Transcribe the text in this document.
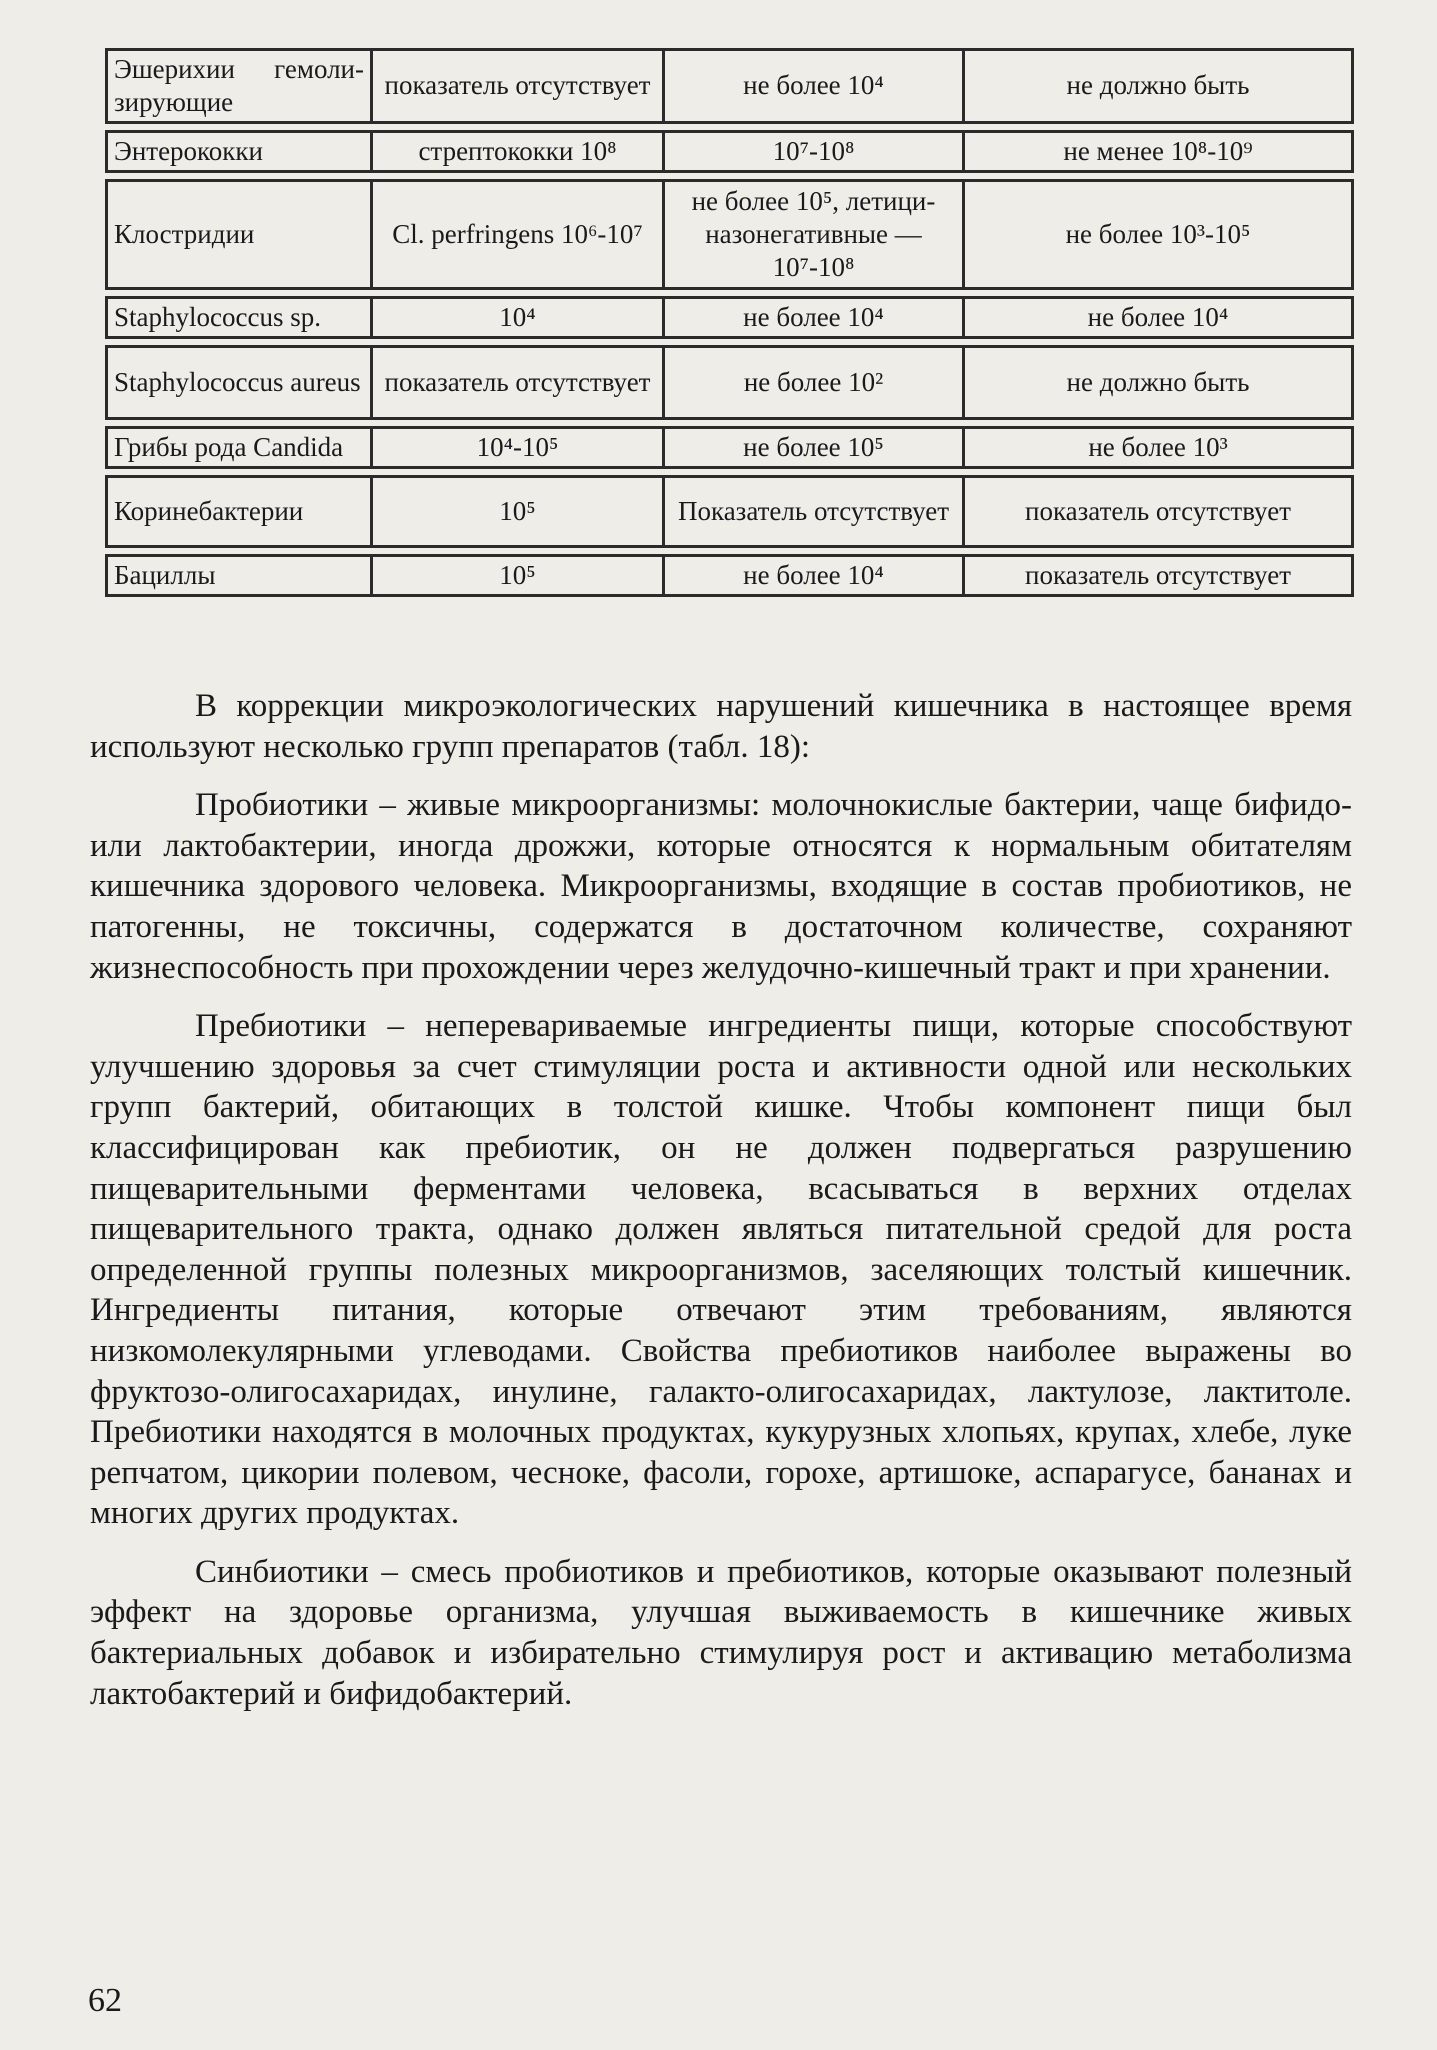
Эшерихии гемоли-зирующие	показатель отсутствует	не более 10⁴	не должно быть

Энтерококки	стрептококки 10⁸	10⁷-10⁸	не менее 10⁸-10⁹

Клостридии	Cl. perfringens 10⁶-10⁷	не более 10⁵, летици-назонегативные — 10⁷-10⁸	не более 10³-10⁵

Staphylococcus sp.	10⁴	не более 10⁴	не более 10⁴

Staphylococcus aureus	показатель отсутствует	не более 10²	не должно быть

Грибы рода Candida	10⁴-10⁵	не более 10⁵	не более 10³

Коринебактерии	10⁵	Показатель отсутствует	показатель отсутствует

Бациллы	10⁵	не более 10⁴	показатель отсутствует

В коррекции микроэкологических нарушений кишечника в настоящее время используют несколько групп препаратов (табл. 18):

Пробиотики – живые микроорганизмы: молочнокислые бактерии, чаще бифидо- или лактобактерии, иногда дрожжи, которые относятся к нормальным обитателям кишечника здорового человека. Микроорганизмы, входящие в состав пробиотиков, не патогенны, не токсичны, содержатся в достаточном количестве, сохраняют жизнеспособность при прохождении через желудочно-кишечный тракт и при хранении.

Пребиотики – неперевариваемые ингредиенты пищи, которые способствуют улучшению здоровья за счет стимуляции роста и активности одной или нескольких групп бактерий, обитающих в толстой кишке. Чтобы компонент пищи был классифицирован как пребиотик, он не должен подвергаться разрушению пищеварительными ферментами человека, всасываться в верхних отделах пищеварительного тракта, однако должен являться питательной средой для роста определенной группы полезных микроорганизмов, заселяющих толстый кишечник. Ингредиенты питания, которые отвечают этим требованиям, являются низкомолекулярными углеводами. Свойства пребиотиков наиболее выражены во фруктозо-олигосахаридах, инулине, галакто-олигосахаридах, лактулозе, лактитоле. Пребиотики находятся в молочных продуктах, кукурузных хлопьях, крупах, хлебе, луке репчатом, цикории полевом, чесноке, фасоли, горохе, артишоке, аспарагусе, бананах и многих других продуктах.

Синбиотики – смесь пробиотиков и пребиотиков, которые оказывают полезный эффект на здоровье организма, улучшая выживаемость в кишечнике живых бактериальных добавок и избирательно стимулируя рост и активацию метаболизма лактобактерий и бифидобактерий.

62
